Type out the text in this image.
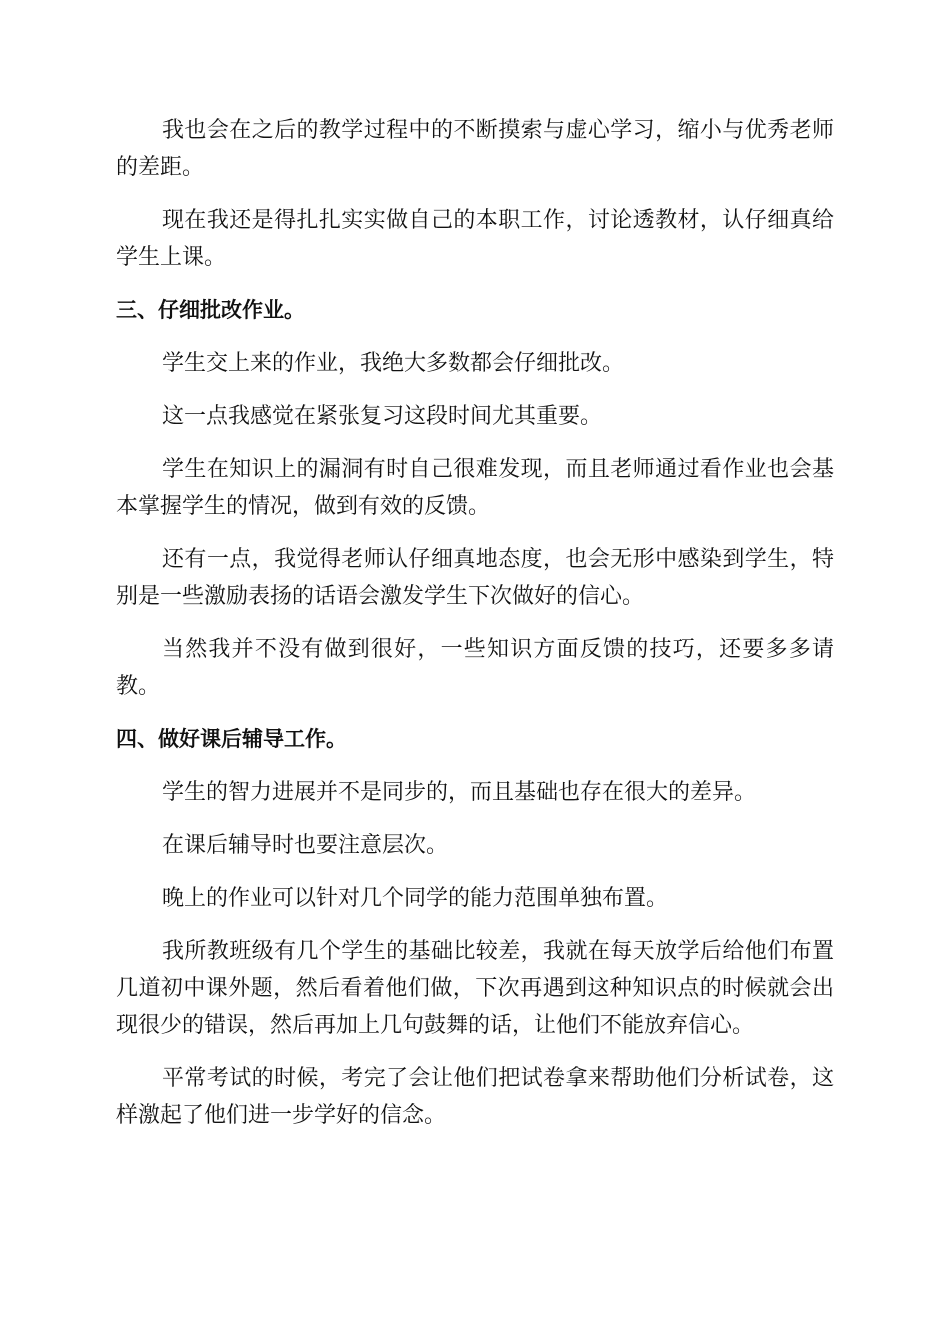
我也会在之后的教学过程中的不断摸索与虚心学习，缩小与优秀老师的差距。

现在我还是得扎扎实实做自己的本职工作，讨论透教材，认仔细真给学生上课。

三、仔细批改作业。

学生交上来的作业，我绝大多数都会仔细批改。

这一点我感觉在紧张复习这段时间尤其重要。

学生在知识上的漏洞有时自己很难发现，而且老师通过看作业也会基本掌握学生的情况，做到有效的反馈。

还有一点，我觉得老师认仔细真地态度，也会无形中感染到学生，特别是一些激励表扬的话语会激发学生下次做好的信心。

当然我并不没有做到很好，一些知识方面反馈的技巧，还要多多请教。

四、做好课后辅导工作。

学生的智力进展并不是同步的，而且基础也存在很大的差异。

在课后辅导时也要注意层次。

晚上的作业可以针对几个同学的能力范围单独布置。

我所教班级有几个学生的基础比较差，我就在每天放学后给他们布置几道初中课外题，然后看着他们做，下次再遇到这种知识点的时候就会出现很少的错误，然后再加上几句鼓舞的话，让他们不能放弃信心。

平常考试的时候，考完了会让他们把试卷拿来帮助他们分析试卷，这样激起了他们进一步学好的信念。
